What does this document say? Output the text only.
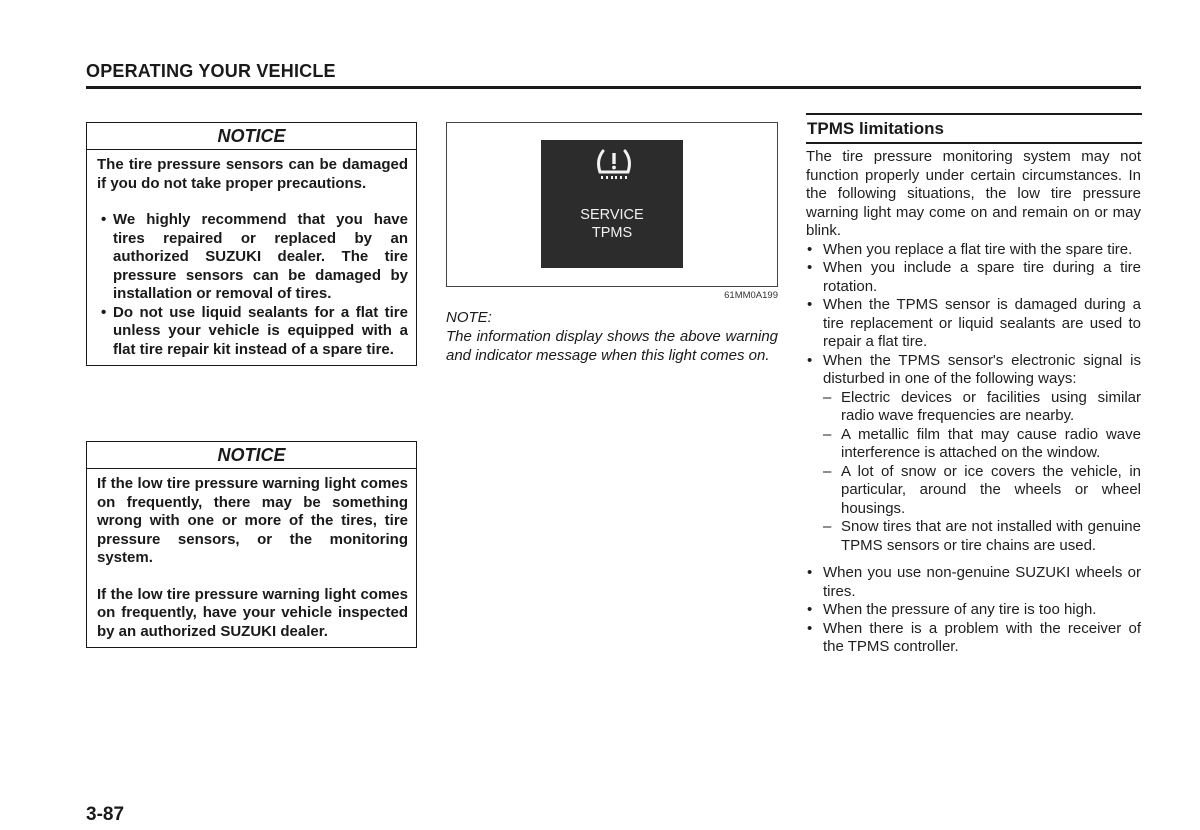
OPERATING YOUR VEHICLE
NOTICE

The tire pressure sensors can be damaged if you do not take proper precautions.

• We highly recommend that you have tires repaired or replaced by an authorized SUZUKI dealer. The tire pressure sensors can be damaged by installation or removal of tires.
• Do not use liquid sealants for a flat tire unless your vehicle is equipped with a flat tire repair kit instead of a spare tire.
NOTICE

If the low tire pressure warning light comes on frequently, there may be something wrong with one or more of the tires, tire pressure sensors, or the monitoring system.

If the low tire pressure warning light comes on frequently, have your vehicle inspected by an authorized SUZUKI dealer.

SERVICE
TPMS
61MM0A199
NOTE:
The information display shows the above warning and indicator message when this light comes on.
TPMS limitations

The tire pressure monitoring system may not function properly under certain circumstances. In the following situations, the low tire pressure warning light may come on and remain on or may blink.

• When you replace a flat tire with the spare tire.
• When you include a spare tire during a tire rotation.
• When the TPMS sensor is damaged during a tire replacement or liquid sealants are used to repair a flat tire.
• When the TPMS sensor's electronic signal is disturbed in one of the following ways:
– Electric devices or facilities using similar radio wave frequencies are nearby.
– A metallic film that may cause radio wave interference is attached on the window.
– A lot of snow or ice covers the vehicle, in particular, around the wheels or wheel housings.
– Snow tires that are not installed with genuine TPMS sensors or tire chains are used.
• When you use non-genuine SUZUKI wheels or tires.
• When the pressure of any tire is too high.
• When there is a problem with the receiver of the TPMS controller.
3-87
